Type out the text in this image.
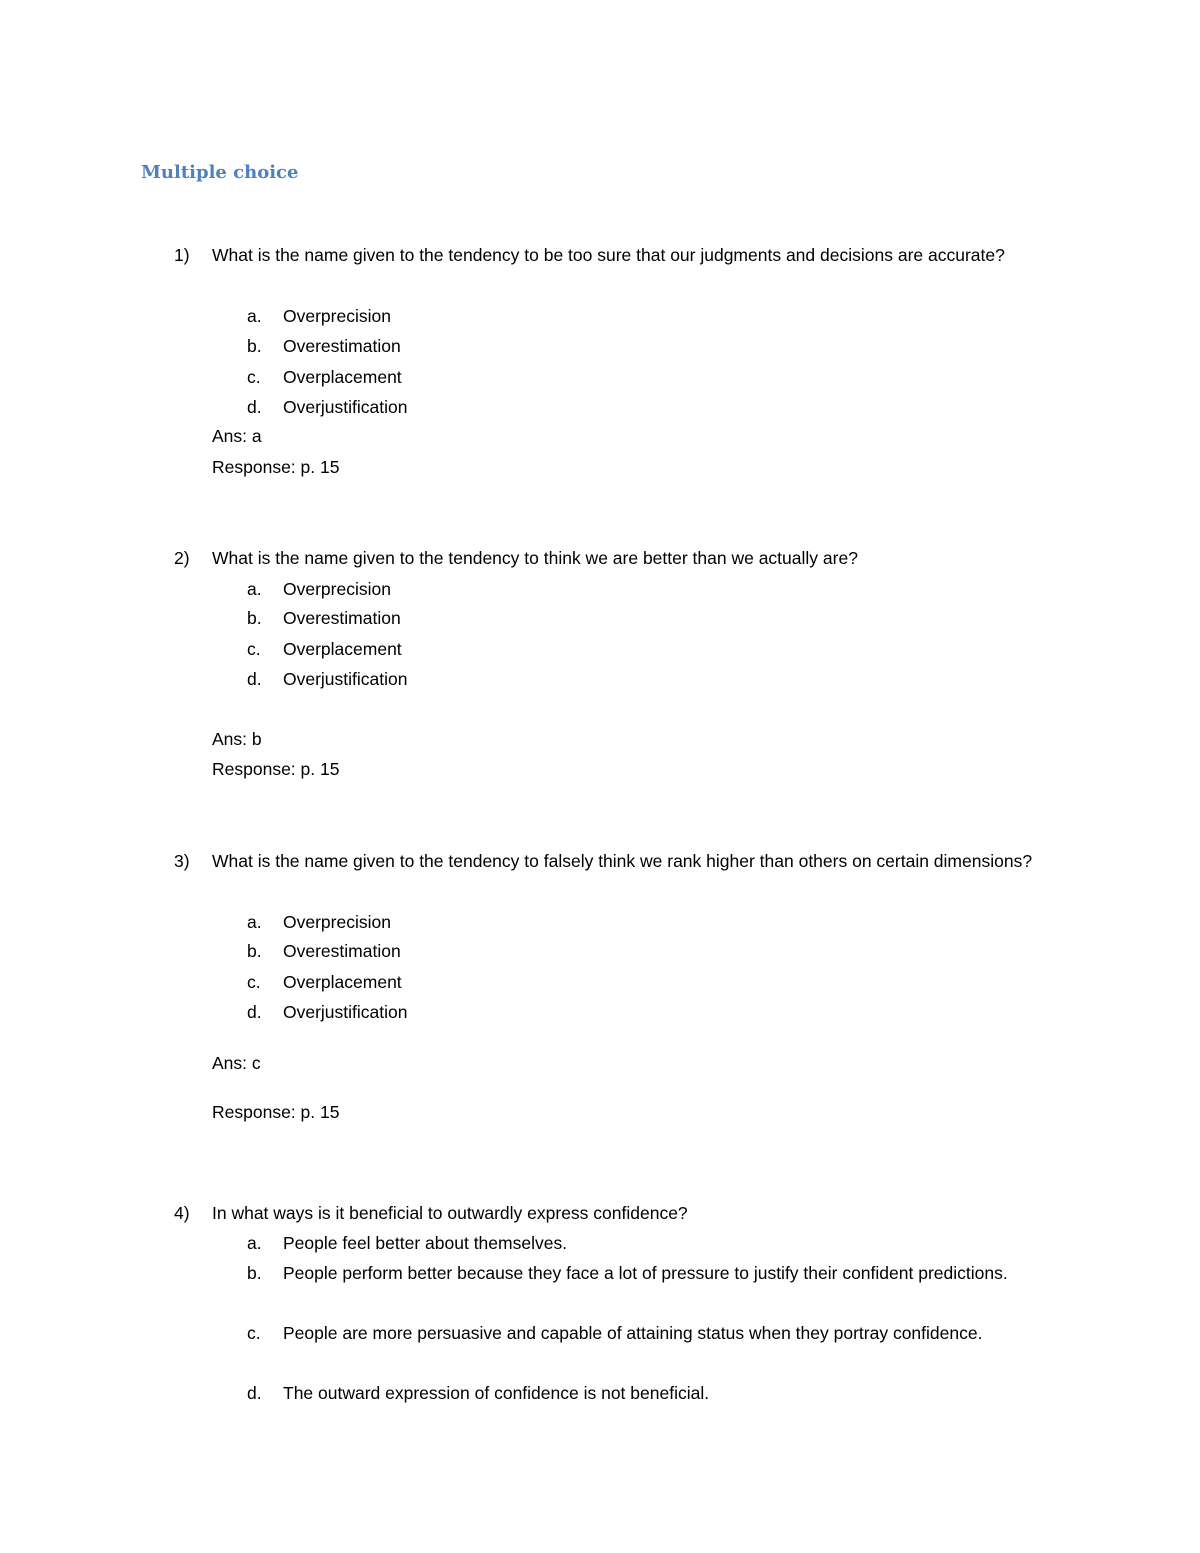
Multiple choice
1) What is the name given to the tendency to be too sure that our judgments and decisions are accurate?
a. Overprecision
b. Overestimation
c. Overplacement
d. Overjustification
Ans: a
Response: p. 15
2) What is the name given to the tendency to think we are better than we actually are?
a. Overprecision
b. Overestimation
c. Overplacement
d. Overjustification
Ans: b
Response: p. 15
3) What is the name given to the tendency to falsely think we rank higher than others on certain dimensions?
a. Overprecision
b. Overestimation
c. Overplacement
d. Overjustification
Ans: c
Response: p. 15
4) In what ways is it beneficial to outwardly express confidence?
a. People feel better about themselves.
b. People perform better because they face a lot of pressure to justify their confident predictions.
c. People are more persuasive and capable of attaining status when they portray confidence.
d. The outward expression of confidence is not beneficial.
